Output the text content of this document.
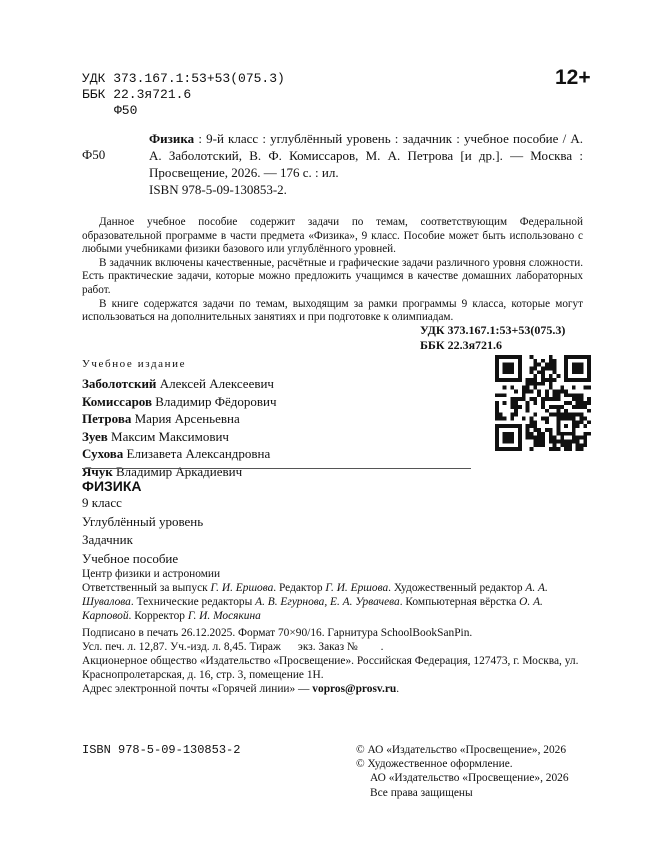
УДК 373.167.1:53+53(075.3)
ББК 22.3я721.6
Ф50
12+
Ф50
Физика : 9-й класс : углублённый уровень : задачник : учебное пособие / А. А. Заболотский, В. Ф. Комиссаров, М. А. Петрова [и др.]. — Москва : Просвещение, 2026. — 176 с. : ил.
ISBN 978-5-09-130853-2.

Данное учебное пособие содержит задачи по темам, соответствующим Федеральной образовательной программе в части предмета «Физика», 9 класс. Пособие может быть использовано с любыми учебниками физики базового или углублённого уровней.

В задачник включены качественные, расчётные и графические задачи различного уровня сложности. Есть практические задачи, которые можно предложить учащимся в качестве домашних лабораторных работ.

В книге содержатся задачи по темам, выходящим за рамки программы 9 класса, которые могут использоваться на дополнительных занятиях и при подготовке к олимпиадам.

УДК 373.167.1:53+53(075.3)
ББК 22.3я721.6
Учебное издание
Заболотский Алексей Алексеевич
Комиссаров Владимир Фёдорович
Петрова Мария Арсеньевна
Зуев Максим Максимович
Сухова Елизавета Александровна
Ячук Владимир Аркадиевич
ФИЗИКА
9 класс
Углублённый уровень
Задачник
Учебное пособие
Центр физики и астрономии
Ответственный за выпуск Г. И. Ершова. Редактор Г. И. Ершова. Художественный редактор А. А. Шувалова. Технические редакторы А. В. Егурнова, Е. А. Урвачева. Компьютерная вёрстка О. А. Карповой. Корректор Г. И. Мосякина
Подписано в печать 26.12.2025. Формат 70×90/16. Гарнитура SchoolBookSanPin.
Усл. печ. л. 12,87. Уч.-изд. л. 8,45. Тираж      экз. Заказ №        .
Акционерное общество «Издательство «Просвещение». Российская Федерация, 127473, г. Москва, ул. Краснопролетарская, д. 16, стр. 3, помещение 1Н.
Адрес электронной почты «Горячей линии» — vopros@prosv.ru.
ISBN 978-5-09-130853-2	© АО «Издательство «Просвещение», 2026
© Художественное оформление.
АО «Издательство «Просвещение», 2026
Все права защищены
